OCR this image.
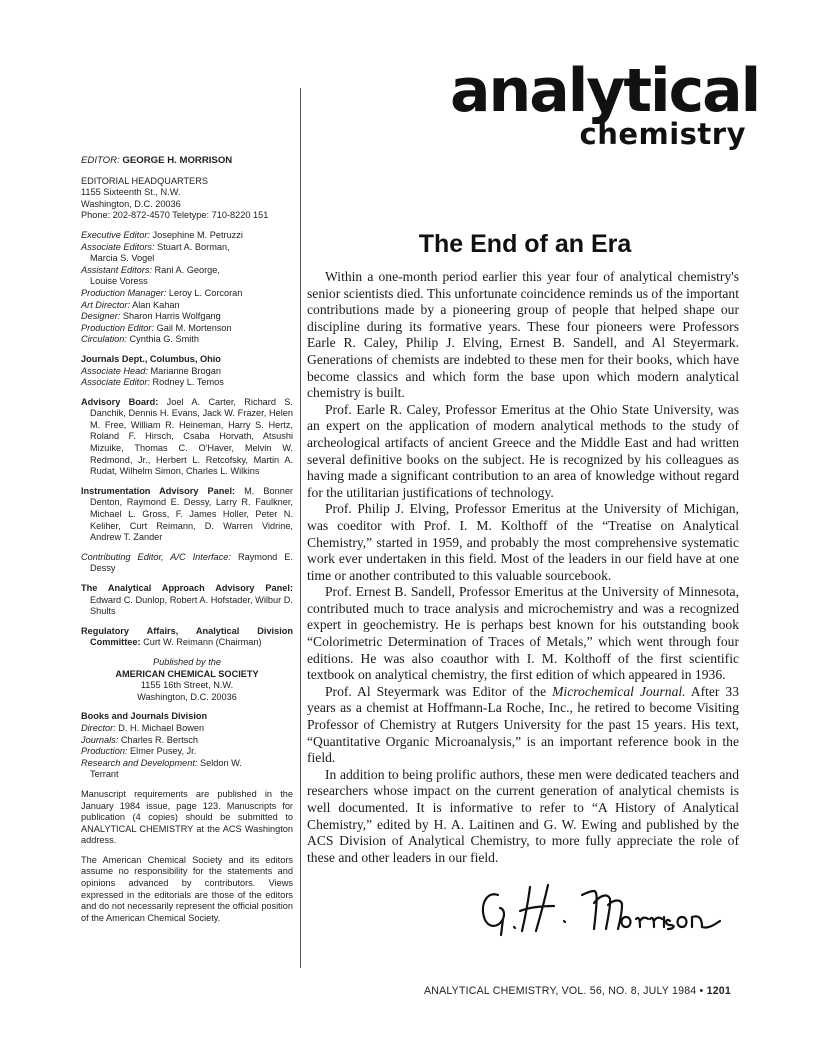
EDITOR: GEORGE H. MORRISON
EDITORIAL HEADQUARTERS
1155 Sixteenth St., N.W.
Washington, D.C. 20036
Phone: 202-872-4570 Teletype: 710-8220 151
Executive Editor: Josephine M. Petruzzi
Associate Editors: Stuart A. Borman,
Marcia S. Vogel
Assistant Editors: Rani A. George,
Louise Voress
Production Manager: Leroy L. Corcoran
Art Director: Alan Kahan
Designer: Sharon Harris Wolfgang
Production Editor: Gail M. Mortenson
Circulation: Cynthia G. Smith
Journals Dept., Columbus, Ohio
Associate Head: Marianne Brogan
Associate Editor: Rodney L. Temos

Advisory Board: Joel A. Carter, Richard S. Danchik, Dennis H. Evans, Jack W. Frazer, Helen M. Free, William R. Heineman, Harry S. Hertz, Roland F. Hirsch, Csaba Horvath, Atsushi Mizuike, Thomas C. O'Haver, Melvin W. Redmond, Jr., Herbert L. Retcofsky, Martin A. Rudat, Wilhelm Simon, Charles L. Wilkins

Instrumentation Advisory Panel: M. Bonner Denton, Raymond E. Dessy, Larry R. Faulkner, Michael L. Gross, F. James Holler, Peter N. Keliher, Curt Reimann, D. Warren Vidrine, Andrew T. Zander

Contributing Editor, A/C Interface: Raymond E. Dessy

The Analytical Approach Advisory Panel: Edward C. Dunlop, Robert A. Hofstader, Wilbur D. Shults

Regulatory Affairs, Analytical Division Committee: Curt W. Reimann (Chairman)

Published by the
AMERICAN CHEMICAL SOCIETY
1155 16th Street, N.W.
Washington, D.C. 20036
Books and Journals Division
Director: D. H. Michael Bowen
Journals: Charles R. Bertsch
Production: Elmer Pusey, Jr.
Research and Development: Seldon W.
Terrant

Manuscript requirements are published in the January 1984 issue, page 123. Manuscripts for publication (4 copies) should be submitted to ANALYTICAL CHEMISTRY at the ACS Washington address.

The American Chemical Society and its editors assume no responsibility for the statements and opinions advanced by contributors. Views expressed in the editorials are those of the editors and do not necessarily represent the official position of the American Chemical Society.

analytical
chemistry
The End of an Era

Within a one-month period earlier this year four of analytical chemistry's senior scientists died. This unfortunate coincidence reminds us of the important contributions made by a pioneering group of people that helped shape our discipline during its formative years. These four pioneers were Professors Earle R. Caley, Philip J. Elving, Ernest B. Sandell, and Al Steyermark. Generations of chemists are indebted to these men for their books, which have become classics and which form the base upon which modern analytical chemistry is built.

Prof. Earle R. Caley, Professor Emeritus at the Ohio State University, was an expert on the application of modern analytical methods to the study of archeological artifacts of ancient Greece and the Middle East and had written several definitive books on the subject. He is recognized by his colleagues as having made a significant contribution to an area of knowledge without regard for the utilitarian justifications of technology.

Prof. Philip J. Elving, Professor Emeritus at the University of Michigan, was coeditor with Prof. I. M. Kolthoff of the “Treatise on Analytical Chemistry,” started in 1959, and probably the most comprehensive systematic work ever undertaken in this field. Most of the leaders in our field have at one time or another contributed to this valuable sourcebook.

Prof. Ernest B. Sandell, Professor Emeritus at the University of Minnesota, contributed much to trace analysis and microchemistry and was a recognized expert in geochemistry. He is perhaps best known for his outstanding book “Colorimetric Determination of Traces of Metals,” which went through four editions. He was also coauthor with I. M. Kolthoff of the first scientific textbook on analytical chemistry, the first edition of which appeared in 1936.

Prof. Al Steyermark was Editor of the Microchemical Journal. After 33 years as a chemist at Hoffmann-La Roche, Inc., he retired to become Visiting Professor of Chemistry at Rutgers University for the past 15 years. His text, “Quantitative Organic Microanalysis,” is an important reference book in the field.

In addition to being prolific authors, these men were dedicated teachers and researchers whose impact on the current generation of analytical chemists is well documented. It is informative to refer to “A History of Analytical Chemistry,” edited by H. A. Laitinen and G. W. Ewing and published by the ACS Division of Analytical Chemistry, to more fully appreciate the role of these and other leaders in our field.

ANALYTICAL CHEMISTRY, VOL. 56, NO. 8, JULY 1984 • 1201
